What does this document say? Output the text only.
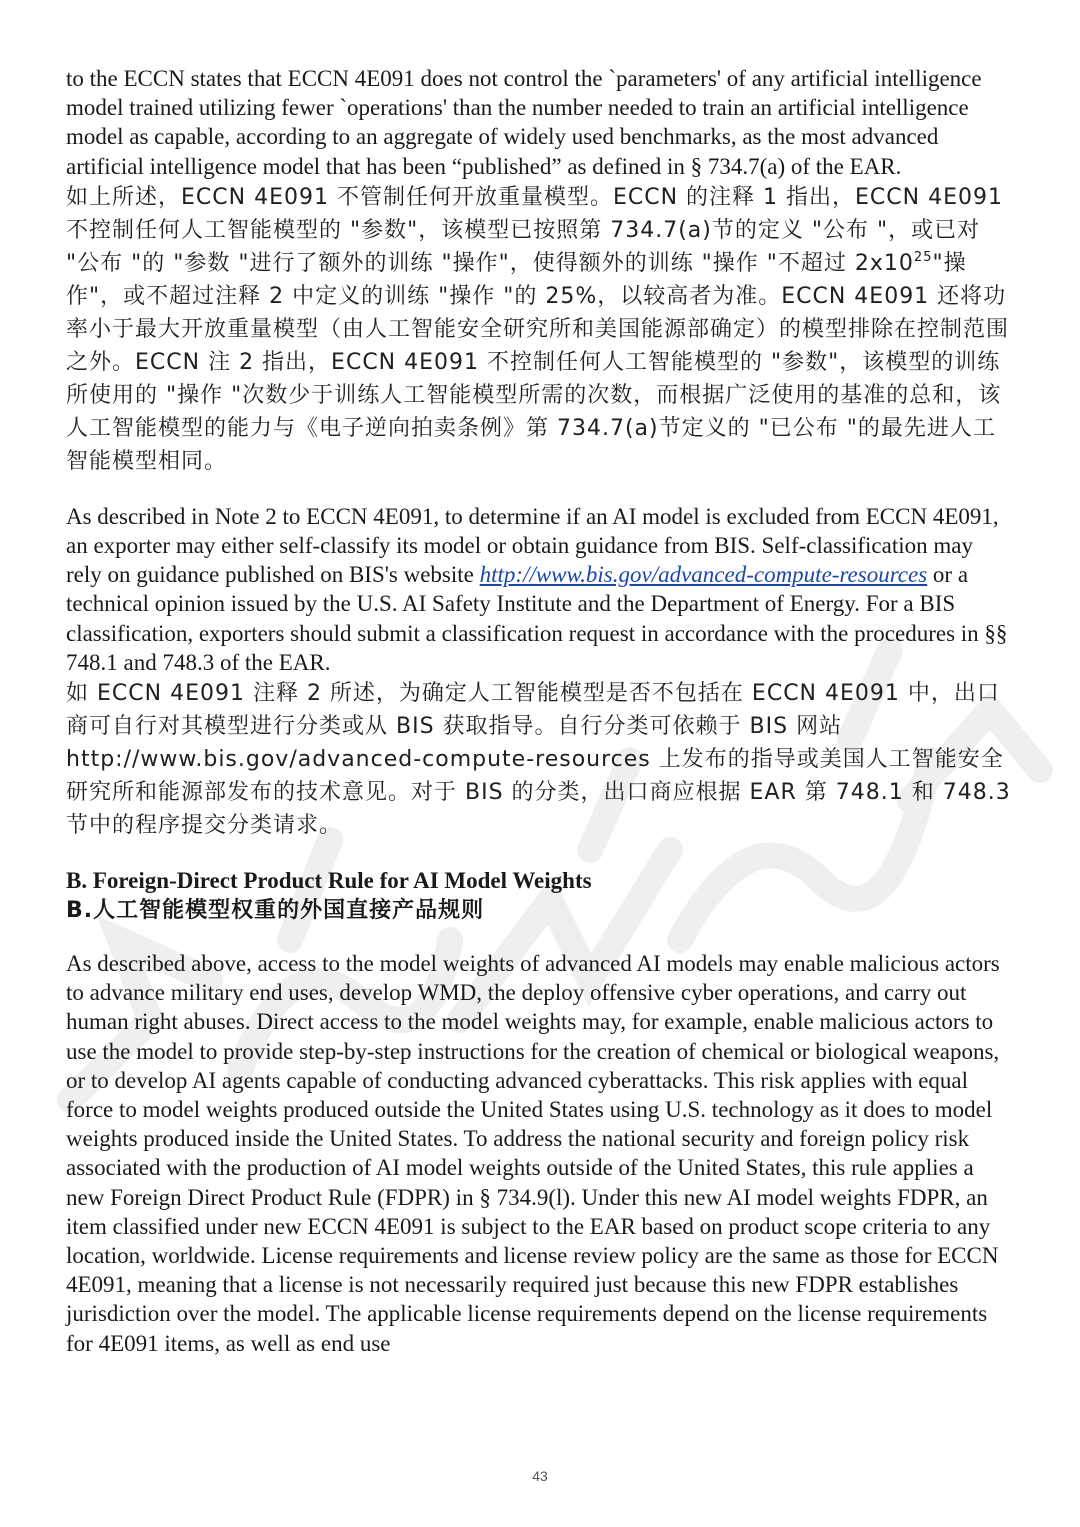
to the ECCN states that ECCN 4E091 does not control the `parameters' of any artificial intelligence model trained utilizing fewer `operations' than the number needed to train an artificial intelligence model as capable, according to an aggregate of widely used benchmarks, as the most advanced artificial intelligence model that has been “published” as defined in § 734.7(a) of the EAR.

如上所述，ECCN 4E091 不管制任何开放重量模型。ECCN 的注释 1 指出，ECCN 4E091 不控制任何人工智能模型的 "参数"，该模型已按照第 734.7(a)节的定义 "公布 "，或已对 "公布 "的 "参数 "进行了额外的训练 "操作"，使得额外的训练 "操作 "不超过 $2x10^{25}$"操作"，或不超过注释 2 中定义的训练 "操作 "的 25%，以较高者为准。ECCN 4E091 还将功率小于最大开放重量模型（由人工智能安全研究所和美国能源部确定）的模型排除在控制范围之外。ECCN 注 2 指出，ECCN 4E091 不控制任何人工智能模型的 "参数"，该模型的训练所使用的 "操作 "次数少于训练人工智能模型所需的次数，而根据广泛使用的基准的总和，该人工智能模型的能力与《电子逆向拍卖条例》第 734.7(a)节定义的 "已公布 "的最先进人工智能模型相同。

As described in Note 2 to ECCN 4E091, to determine if an AI model is excluded from ECCN 4E091, an exporter may either self-classify its model or obtain guidance from BIS. Self-classification may rely on guidance published on BIS's website http://www.bis.gov/advanced-compute-resources or a technical opinion issued by the U.S. AI Safety Institute and the Department of Energy. For a BIS classification, exporters should submit a classification request in accordance with the procedures in §§ 748.1 and 748.3 of the EAR.

如 ECCN 4E091 注释 2 所述，为确定人工智能模型是否不包括在 ECCN 4E091 中，出口商可自行对其模型进行分类或从 BIS 获取指导。自行分类可依赖于 BIS 网站 http://www.bis.gov/advanced-compute-resources 上发布的指导或美国人工智能安全研究所和能源部发布的技术意见。对于 BIS 的分类，出口商应根据 EAR 第 748.1 和 748.3 节中的程序提交分类请求。

B. Foreign-Direct Product Rule for AI Model Weights

B.人工智能模型权重的外国直接产品规则

As described above, access to the model weights of advanced AI models may enable malicious actors to advance military end uses, develop WMD, the deploy offensive cyber operations, and carry out human right abuses. Direct access to the model weights may, for example, enable malicious actors to use the model to provide step-by-step instructions for the creation of chemical or biological weapons, or to develop AI agents capable of conducting advanced cyberattacks. This risk applies with equal force to model weights produced outside the United States using U.S. technology as it does to model weights produced inside the United States. To address the national security and foreign policy risk associated with the production of AI model weights outside of the United States, this rule applies a new Foreign Direct Product Rule (FDPR) in § 734.9(l). Under this new AI model weights FDPR, an item classified under new ECCN 4E091 is subject to the EAR based on product scope criteria to any location, worldwide. License requirements and license review policy are the same as those for ECCN 4E091, meaning that a license is not necessarily required just because this new FDPR establishes jurisdiction over the model. The applicable license requirements depend on the license requirements for 4E091 items, as well as end use

43
